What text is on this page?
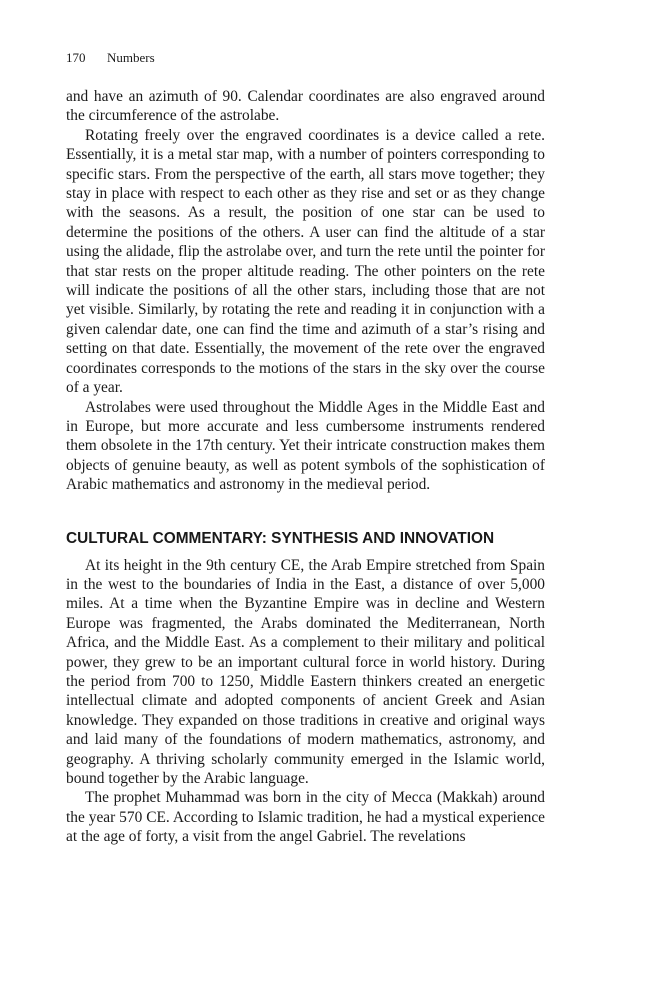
170 Numbers

and have an azimuth of 90. Calendar coordinates are also engraved around the circumference of the astrolabe.

Rotating freely over the engraved coordinates is a device called a rete. Essentially, it is a metal star map, with a number of pointers corresponding to specific stars. From the perspective of the earth, all stars move together; they stay in place with respect to each other as they rise and set or as they change with the seasons. As a result, the position of one star can be used to determine the positions of the others. A user can find the altitude of a star using the alidade, flip the astrolabe over, and turn the rete until the pointer for that star rests on the proper altitude reading. The other pointers on the rete will indicate the positions of all the other stars, including those that are not yet visible. Similarly, by rotating the rete and reading it in conjunction with a given calendar date, one can find the time and azimuth of a star’s rising and setting on that date. Essentially, the movement of the rete over the engraved coordinates corresponds to the motions of the stars in the sky over the course of a year.

Astrolabes were used throughout the Middle Ages in the Middle East and in Europe, but more accurate and less cumbersome instruments rendered them obsolete in the 17th century. Yet their intricate construction makes them objects of genuine beauty, as well as potent symbols of the sophistication of Arabic mathematics and astronomy in the medieval period.

CULTURAL COMMENTARY: SYNTHESIS AND INNOVATION

At its height in the 9th century CE, the Arab Empire stretched from Spain in the west to the boundaries of India in the East, a distance of over 5,000 miles. At a time when the Byzantine Empire was in decline and Western Europe was fragmented, the Arabs dominated the Mediterranean, North Africa, and the Middle East. As a complement to their military and political power, they grew to be an important cultural force in world history. During the period from 700 to 1250, Middle Eastern thinkers created an energetic intellectual climate and adopted components of ancient Greek and Asian knowledge. They expanded on those traditions in creative and original ways and laid many of the foundations of modern mathematics, astronomy, and geography. A thriving scholarly community emerged in the Islamic world, bound together by the Arabic language.

The prophet Muhammad was born in the city of Mecca (Makkah) around the year 570 CE. According to Islamic tradition, he had a mystical experience at the age of forty, a visit from the angel Gabriel. The revelations
